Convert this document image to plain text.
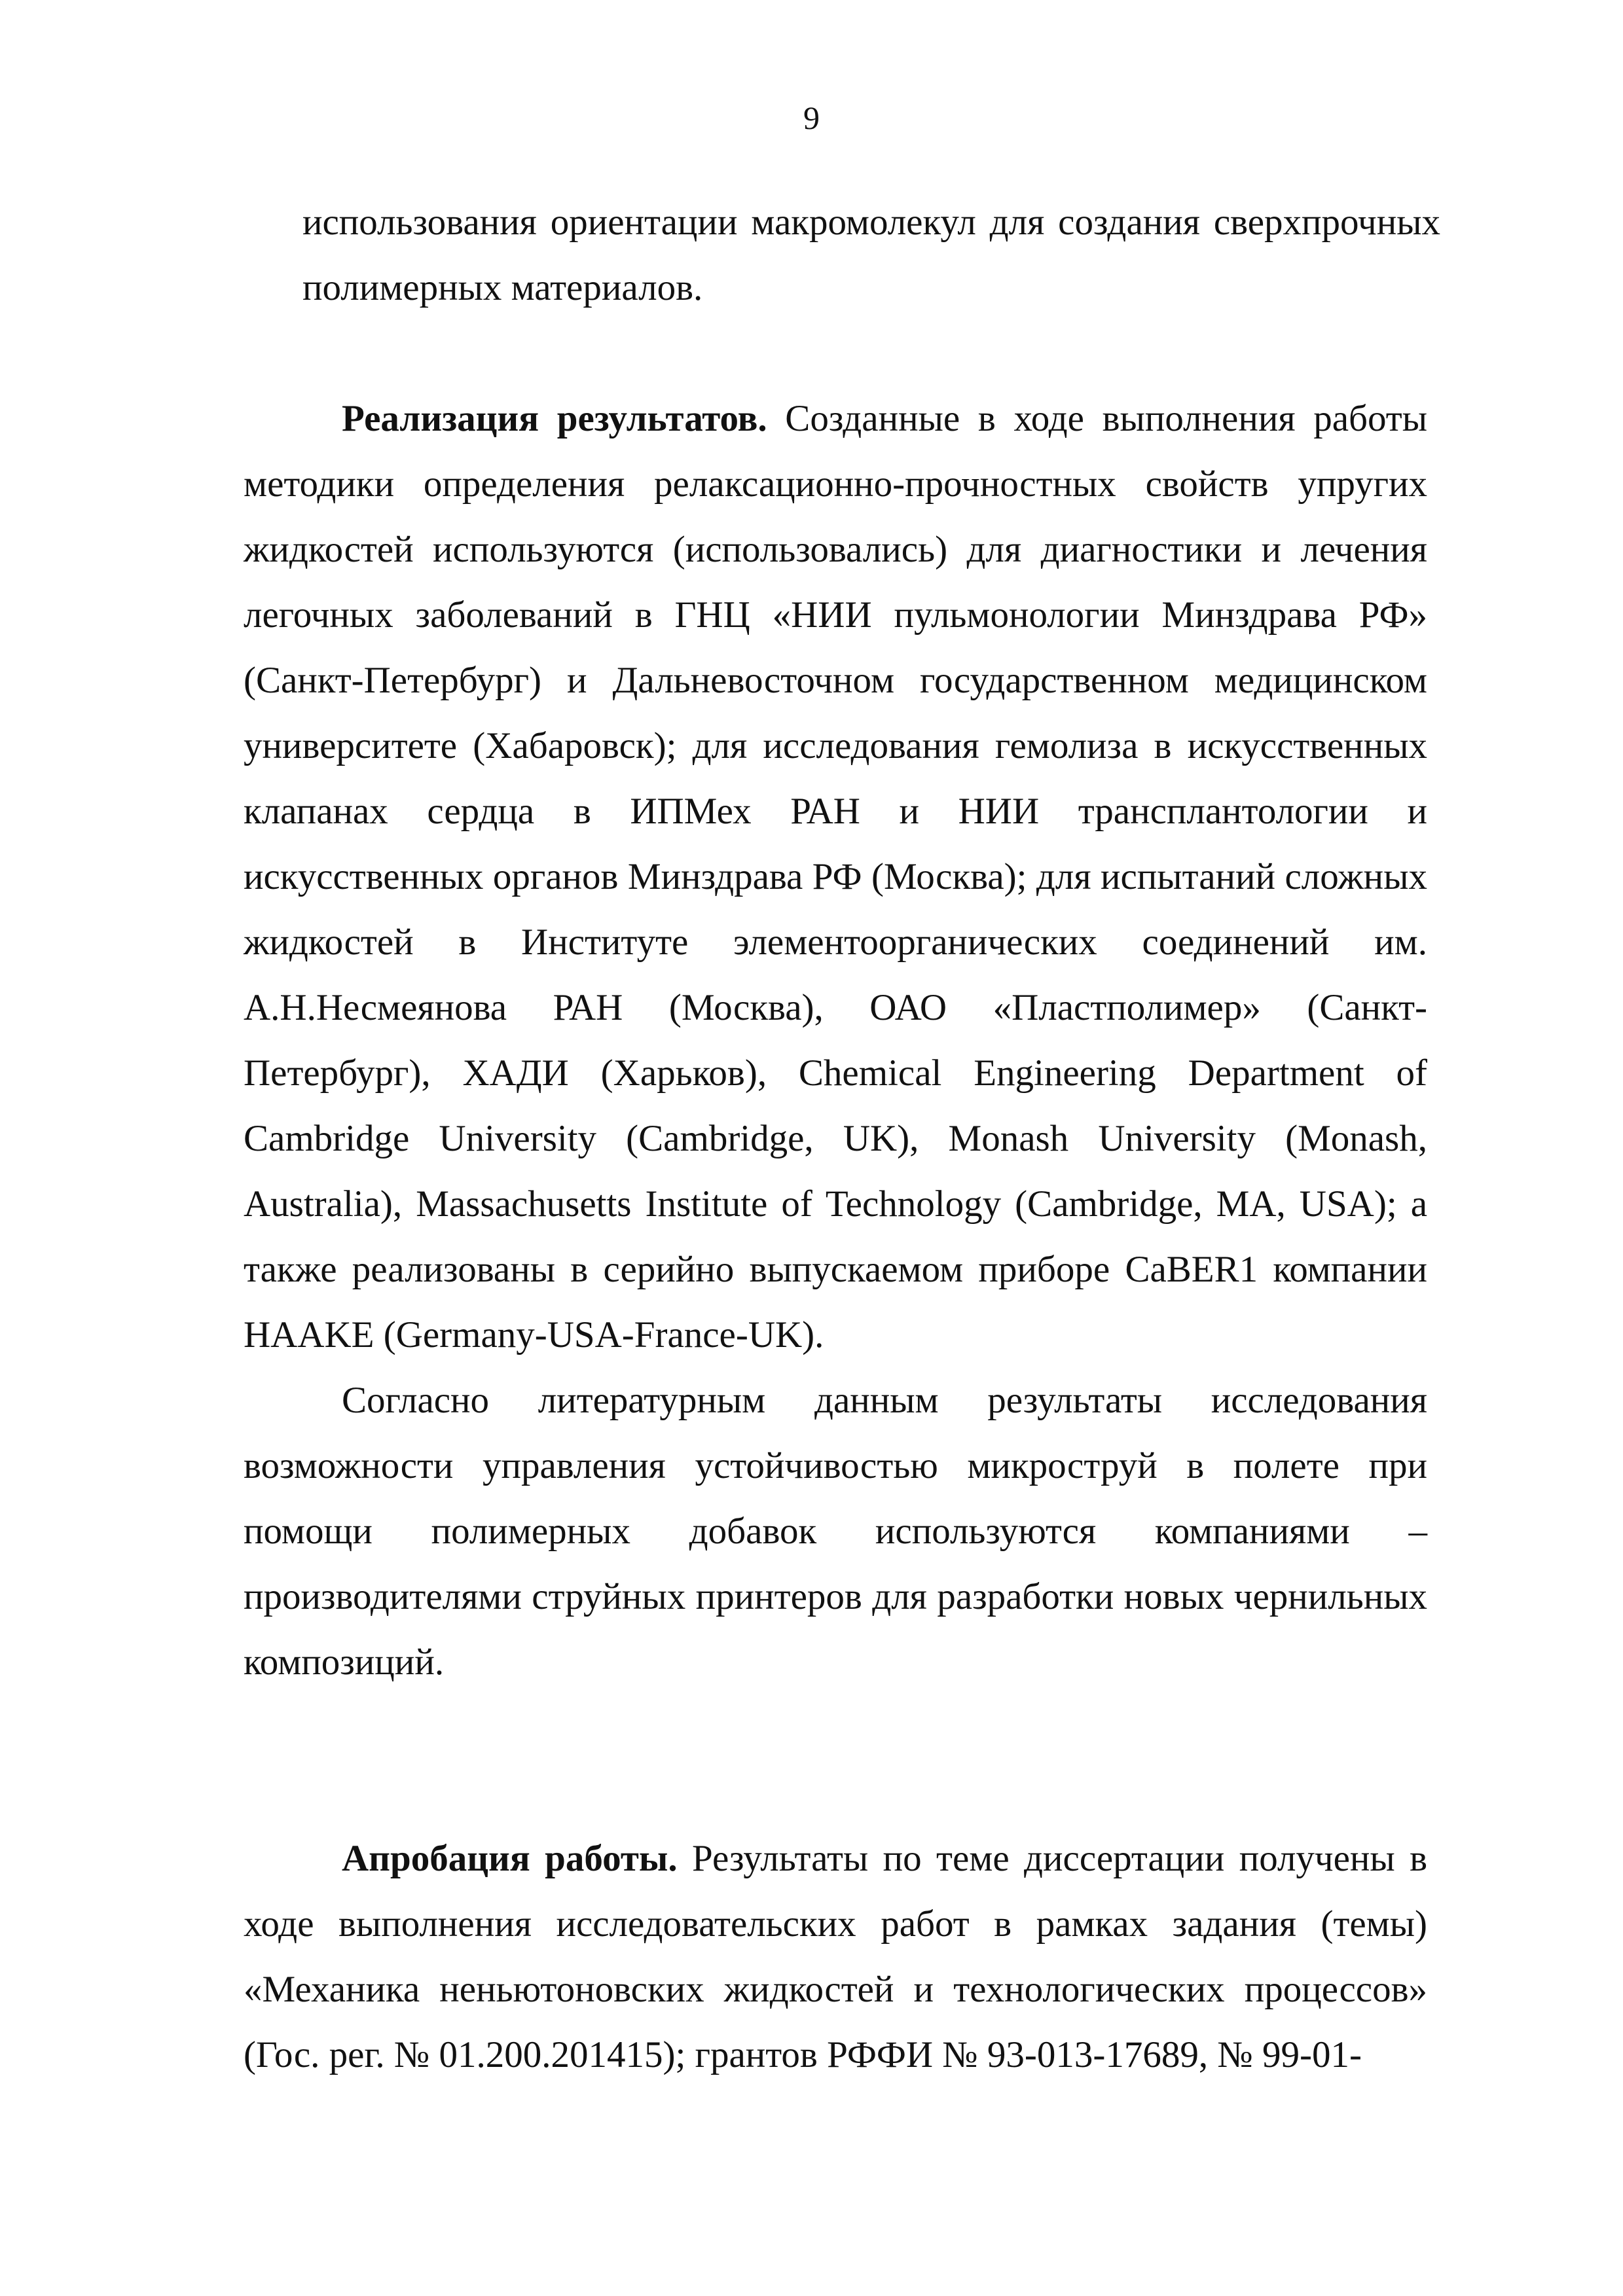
9

использования ориентации макромолекул для создания сверхпрочных полимерных материалов.

Реализация результатов. Созданные в ходе выполнения работы методики определения релаксационно-прочностных свойств упругих жидкостей используются (использовались) для диагностики и лечения легочных заболеваний в ГНЦ «НИИ пульмонологии Минздрава РФ» (Санкт-Петербург) и Дальневосточном государственном медицинском университете (Хабаровск); для исследования гемолиза в искусственных клапанах сердца в ИПМех РАН и НИИ трансплантологии и искусственных органов Минздрава РФ (Москва); для испытаний сложных жидкостей в Институте элементоорганических соединений им. А.Н.Несмеянова РАН (Москва), ОАО «Пластполимер» (Санкт-Петербург), ХАДИ (Харьков), Chemical Engineering Department of Cambridge University (Cambridge, UK), Monash University (Monash, Australia), Massachusetts Institute of Technology (Cambridge, MA, USA); а также реализованы в серийно выпускаемом приборе CaBER1 компании HAAKE (Germany-USA-France-UK).

Согласно литературным данным результаты исследования возможности управления устойчивостью микроструй в полете при помощи полимерных добавок используются компаниями – производителями струйных принтеров для разработки новых чернильных композиций.

Апробация работы. Результаты по теме диссертации получены в ходе выполнения исследовательских работ в рамках задания (темы) «Механика неньютоновских жидкостей и технологических процессов» (Гос. рег. № 01.200.201415); грантов РФФИ № 93-013-17689, № 99-01-
